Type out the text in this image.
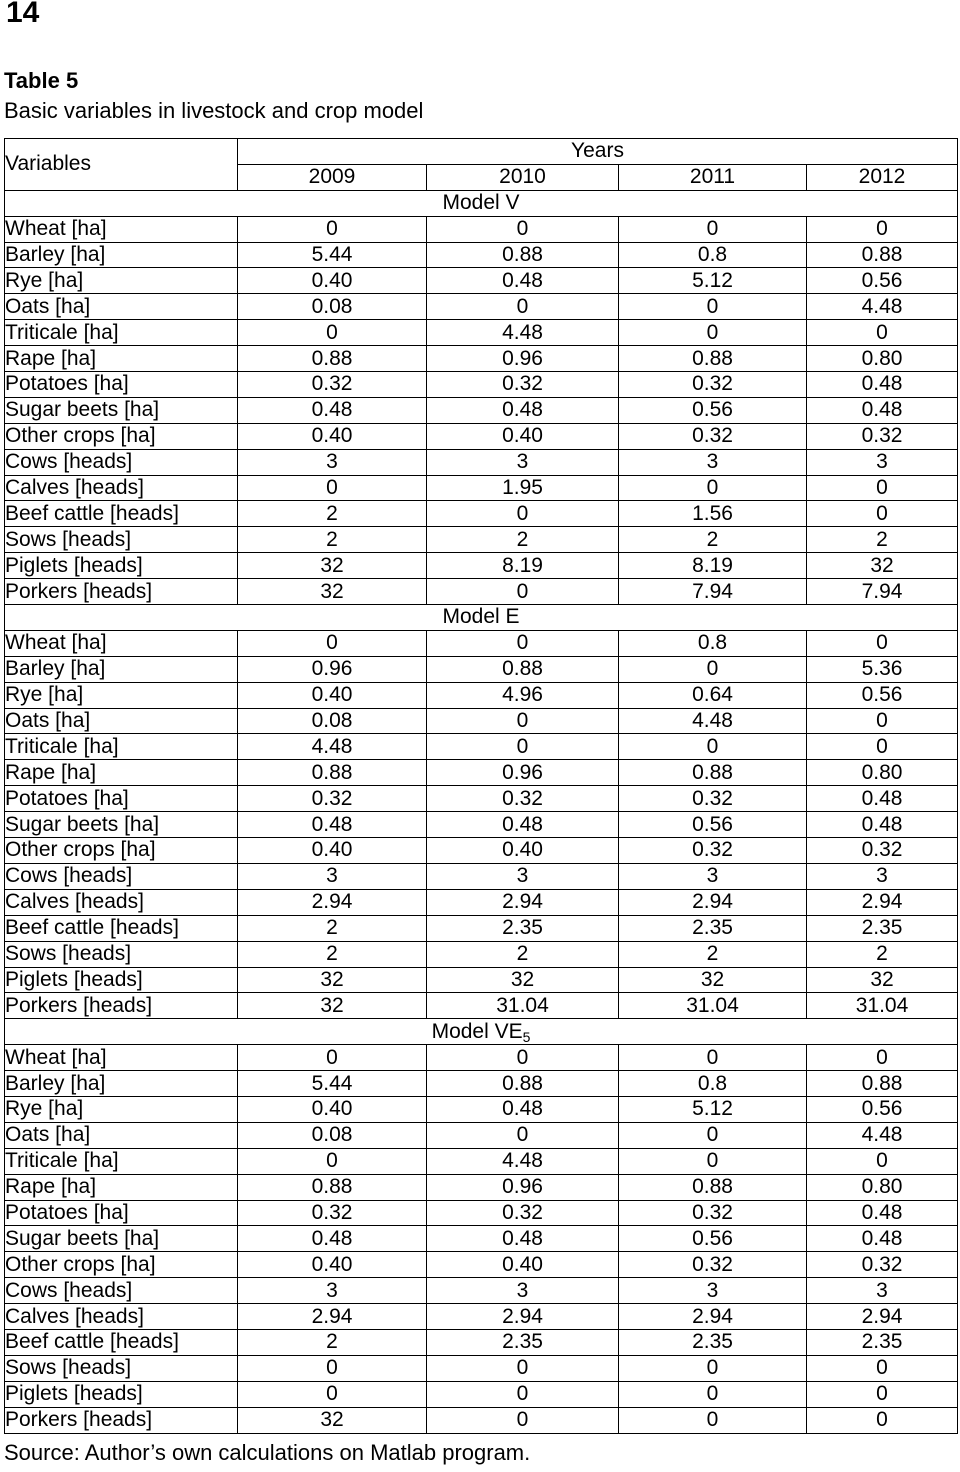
14
Table 5
Basic variables in livestock and crop model
Variables	Years			
	2009	2010	2011	2012
Model V				
Wheat [ha]	0	0	0	0
Barley [ha]	5.44	0.88	0.8	0.88
Rye [ha]	0.40	0.48	5.12	0.56
Oats [ha]	0.08	0	0	4.48
Triticale [ha]	0	4.48	0	0
Rape [ha]	0.88	0.96	0.88	0.80
Potatoes [ha]	0.32	0.32	0.32	0.48
Sugar beets [ha]	0.48	0.48	0.56	0.48
Other crops [ha]	0.40	0.40	0.32	0.32
Cows [heads]	3	3	3	3
Calves [heads]	0	1.95	0	0
Beef cattle [heads]	2	0	1.56	0
Sows [heads]	2	2	2	2
Piglets [heads]	32	8.19	8.19	32
Porkers [heads]	32	0	7.94	7.94
Model E				
Wheat [ha]	0	0	0.8	0
Barley [ha]	0.96	0.88	0	5.36
Rye [ha]	0.40	4.96	0.64	0.56
Oats [ha]	0.08	0	4.48	0
Triticale [ha]	4.48	0	0	0
Rape [ha]	0.88	0.96	0.88	0.80
Potatoes [ha]	0.32	0.32	0.32	0.48
Sugar beets [ha]	0.48	0.48	0.56	0.48
Other crops [ha]	0.40	0.40	0.32	0.32
Cows [heads]	3	3	3	3
Calves [heads]	2.94	2.94	2.94	2.94
Beef cattle [heads]	2	2.35	2.35	2.35
Sows [heads]	2	2	2	2
Piglets [heads]	32	32	32	32
Porkers [heads]	32	31.04	31.04	31.04
Model $VE_5$
Wheat [ha]	0	0	0	0
Barley [ha]	5.44	0.88	0.8	0.88
Rye [ha]	0.40	0.48	5.12	0.56
Oats [ha]	0.08	0	0	4.48
Triticale [ha]	0	4.48	0	0
Rape [ha]	0.88	0.96	0.88	0.80
Potatoes [ha]	0.32	0.32	0.32	0.48
Sugar beets [ha]	0.48	0.48	0.56	0.48
Other crops [ha]	0.40	0.40	0.32	0.32
Cows [heads]	3	3	3	3
Calves [heads]	2.94	2.94	2.94	2.94
Beef cattle [heads]	2	2.35	2.35	2.35
Sows [heads]	0	0	0	0
Piglets [heads]	0	0	0	0
Porkers [heads]	32	0	0	0
Source: Author’s own calculations on Matlab program.
